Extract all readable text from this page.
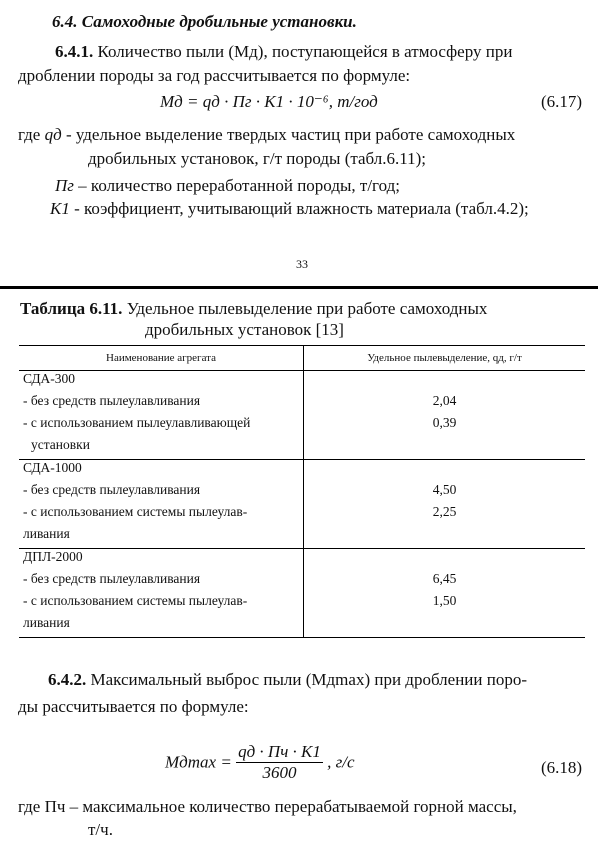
6.4. Самоходные дробильные установки.
6.4.1. Количество пыли (Mд), поступающейся в атмосферу при
дроблении породы за год рассчитывается по формуле:
Mд = qд · Пг · K1 · 10⁻⁶, т/год	(6.17)
где qд - удельное выделение твердых частиц при работе самоходных
дробильных установок, г/т породы (табл.6.11);
Пг – количество переработанной породы, т/год;
K1 - коэффициент, учитывающий влажность материала (табл.4.2);
33
Таблица 6.11. Удельное пылевыделение при работе самоходных
дробильных установок [13]
Наименование агрегата	Удельное пылевыделение, qд, г/т
СДА-300	
- без средств пылеулавливания	2,04
- с использованием пылеулавливающей	0,39
установки	
СДА-1000	
- без средств пылеулавливания	4,50
- с использованием системы пылеулав-	2,25
ливания	
ДПЛ-2000	
- без средств пылеулавливания	6,45
- с использованием системы пылеулав-	1,50
ливания	
6.4.2. Максимальный выброс пыли (Mдmax) при дроблении поро-
ды рассчитывается по формуле:
$Mд\max = \frac{qд \cdot Пч \cdot K1}{3600}$ , г/с	(6.18)
где Пч – максимальное количество перерабатываемой горной массы,
т/ч.
